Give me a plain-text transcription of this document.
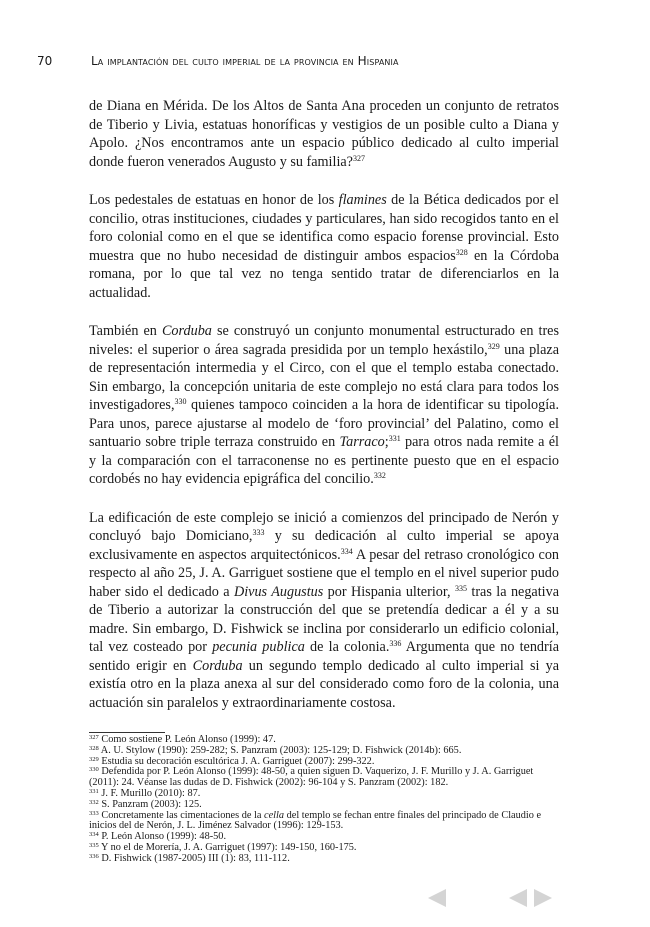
70	La implantación del culto imperial de la provincia en Hispania

de Diana en Mérida. De los Altos de Santa Ana proceden un conjunto de retratos de Tiberio y Livia, estatuas honoríficas y vestigios de un posible culto a Diana y Apolo. ¿Nos encontramos ante un espacio público dedicado al culto imperial donde fueron venerados Augusto y su familia?$^{327}$

Los pedestales de estatuas en honor de los flamines de la Bética dedicados por el concilio, otras instituciones, ciudades y particulares, han sido recogidos tanto en el foro colonial como en el que se identifica como espacio forense provincial. Esto muestra que no hubo necesidad de distinguir ambos espacios$^{328}$ en la Córdoba romana, por lo que tal vez no tenga sentido tratar de diferenciarlos en la actualidad.

También en Corduba se construyó un conjunto monumental estructurado en tres niveles: el superior o área sagrada presidida por un templo hexástilo,$^{329}$ una plaza de representación intermedia y el Circo, con el que el templo estaba conectado. Sin embargo, la concepción unitaria de este complejo no está clara para todos los investigadores,$^{330}$ quienes tampoco coinciden a la hora de identificar su tipología. Para unos, parece ajustarse al modelo de ‘foro provincial’ del Palatino, como el santuario sobre triple terraza construido en Tarraco;$^{331}$ para otros nada remite a él y la comparación con el tarraconense no es pertinente puesto que en el espacio cordobés no hay evidencia epigráfica del concilio.$^{332}$

La edificación de este complejo se inició a comienzos del principado de Nerón y concluyó bajo Domiciano,$^{333}$ y su dedicación al culto imperial se apoya exclusivamente en aspectos arquitectónicos.$^{334}$ A pesar del retraso cronológico con respecto al año 25, J. A. Garriguet sostiene que el templo en el nivel superior pudo haber sido el dedicado a Divus Augustus por Hispania ulterior, $^{335}$ tras la negativa de Tiberio a autorizar la construcción del que se pretendía dedicar a él y a su madre. Sin embargo, D. Fishwick se inclina por considerarlo un edificio colonial, tal vez costeado por pecunia publica de la colonia.$^{336}$ Argumenta que no tendría sentido erigir en Corduba un segundo templo dedicado al culto imperial si ya existía otro en la plaza anexa al sur del considerado como foro de la colonia, una actuación sin paralelos y extraordinariamente costosa.

$^{327}$ Como sostiene P. León Alonso (1999): 47.

$^{328}$ A. U. Stylow (1990): 259-282; S. Panzram (2003): 125-129; D. Fishwick (2014b): 665.

$^{329}$ Estudia su decoración escultórica J. A. Garriguet (2007): 299-322.

$^{330}$ Defendida por P. León Alonso (1999): 48-50, a quien siguen D. Vaquerizo, J. F. Murillo y J. A. Garriguet (2011): 24. Véanse las dudas de D. Fishwick (2002): 96-104 y S. Panzram (2002): 182.

$^{331}$ J. F. Murillo (2010): 87.

$^{332}$ S. Panzram (2003): 125.

$^{333}$ Concretamente las cimentaciones de la cella del templo se fechan entre finales del principado de Claudio e inicios del de Nerón, J. L. Jiménez Salvador (1996): 129-153.

$^{334}$ P. León Alonso (1999): 48-50.

$^{335}$ Y no el de Morería, J. A. Garriguet (1997): 149-150, 160-175.

$^{336}$ D. Fishwick (1987-2005) III (1): 83, 111-112.
